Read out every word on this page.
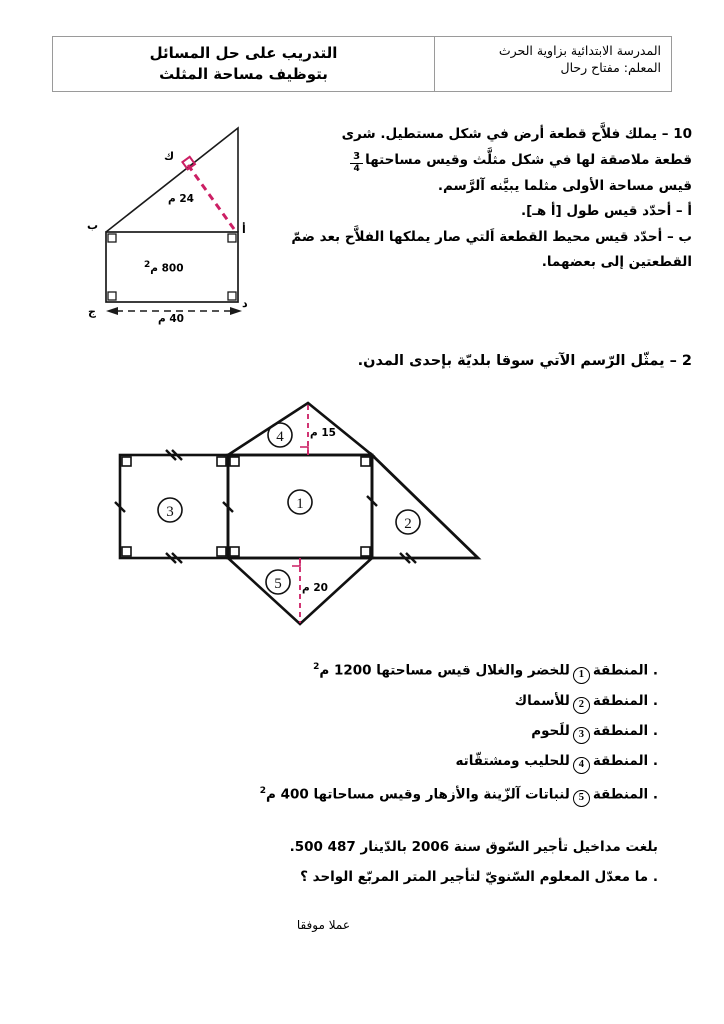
المدرسة الابتدائية بزاوية الحرث
المعلم: مفتاح رحال
التدريب على حل المسائل
بتوظيف مساحة المثلث
10 – يملك فلاَّح قطعة أرض في شكل مستطيل. شرى
قطعة ملاصقة لها في شكل مثلَّث وقيس مساحتها
$\frac{3}{4}$
قيس مساحة الأولى مثلما يبيَّنه آلرَّسم.
أ – أحدّد قيس طول [أ هـ].
ب – أحدّد قيس محيط القطعة اَلتي صار يملكها الفلاَّح بعد ضمّ
القطعتين إلى بعضهما.
ك
أ
ب
ج
د
24 م
800 م2
40 م
2 – يمثّل الرّسم الآتي سوقا بلديّة بإحدى المدن.
1
2
3
4
5
15 م
20 م
. المنطقة1للخضر والغلال قيس مساحتها 1200 م$^2$
. المنطقة2للأسماك
. المنطقة3للَحوم
. المنطقة4للحليب ومشتقّاته
. المنطقة5لنباتات آلزّينة والأزهار وقيس مساحاتها 400 م$^2$
بلغت مداخيل تأجير السّوق سنة 2006 بالدّينار 487 500.
. ما معدّل المعلوم السّنويّ لتأجير المتر المربّع الواحد ؟
عملا موفقا
